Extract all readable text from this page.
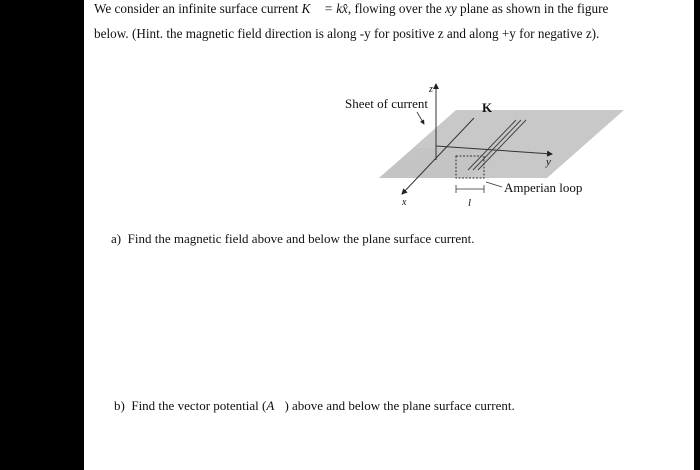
We consider an infinite surface current K⃗ = kx̂, flowing over the xy plane as shown in the figure below. (Hint. the magnetic field direction is along -y for positive z and along +y for negative z).

Sheet of current	K
z
y
x
Amperian loop
l

a) Find the magnetic field above and below the plane surface current.

b) Find the vector potential (A⃗) above and below the plane surface current.
